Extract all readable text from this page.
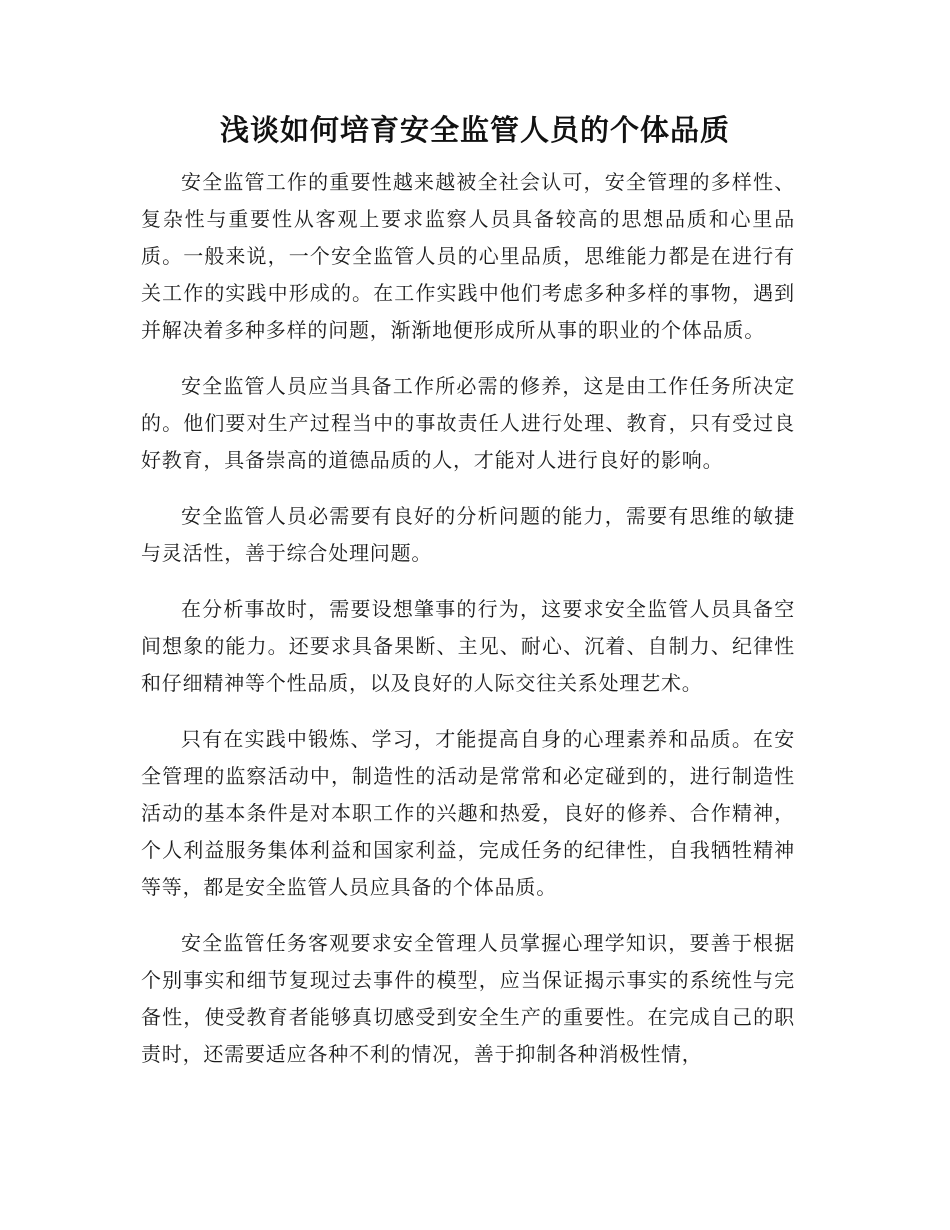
浅谈如何培育安全监管人员的个体品质

安全监管工作的重要性越来越被全社会认可，安全管理的多样性、复杂性与重要性从客观上要求监察人员具备较高的思想品质和心里品质。一般来说，一个安全监管人员的心里品质，思维能力都是在进行有关工作的实践中形成的。在工作实践中他们考虑多种多样的事物，遇到并解决着多种多样的问题，渐渐地便形成所从事的职业的个体品质。

安全监管人员应当具备工作所必需的修养，这是由工作任务所决定的。他们要对生产过程当中的事故责任人进行处理、教育，只有受过良好教育，具备崇高的道德品质的人，才能对人进行良好的影响。

安全监管人员必需要有良好的分析问题的能力，需要有思维的敏捷与灵活性，善于综合处理问题。

在分析事故时，需要设想肇事的行为，这要求安全监管人员具备空间想象的能力。还要求具备果断、主见、耐心、沉着、自制力、纪律性和仔细精神等个性品质，以及良好的人际交往关系处理艺术。

只有在实践中锻炼、学习，才能提高自身的心理素养和品质。在安全管理的监察活动中，制造性的活动是常常和必定碰到的，进行制造性活动的基本条件是对本职工作的兴趣和热爱，良好的修养、合作精神，个人利益服务集体利益和国家利益，完成任务的纪律性，自我牺牲精神等等，都是安全监管人员应具备的个体品质。

安全监管任务客观要求安全管理人员掌握心理学知识，要善于根据个别事实和细节复现过去事件的模型，应当保证揭示事实的系统性与完备性，使受教育者能够真切感受到安全生产的重要性。在完成自己的职责时，还需要适应各种不利的情况，善于抑制各种消极性情，
